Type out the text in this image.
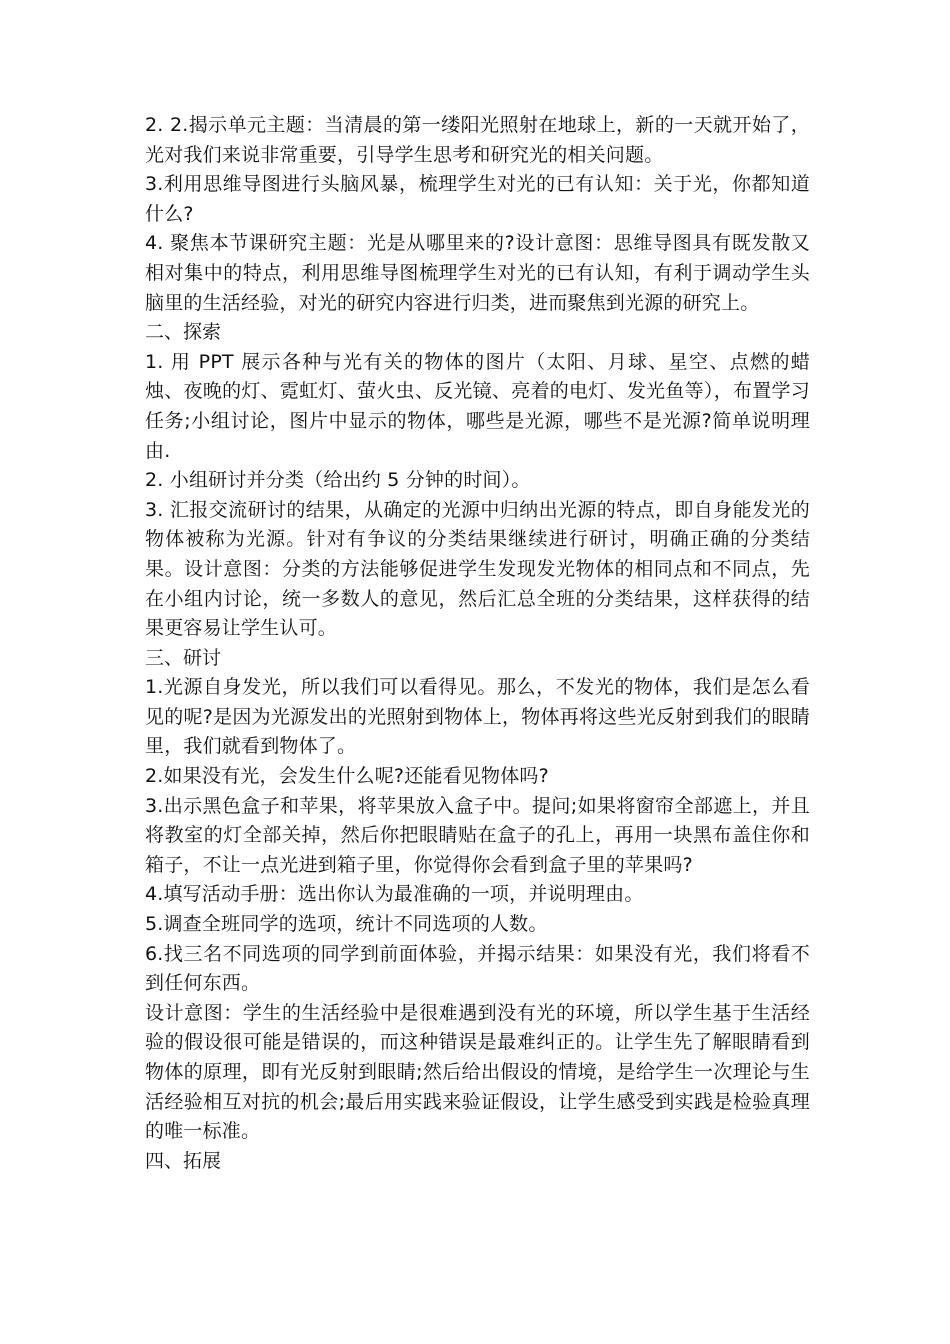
2. 2.揭示单元主题：当清晨的第一缕阳光照射在地球上，新的一天就开始了，光对我们来说非常重要，引导学生思考和研究光的相关问题。

3.利用思维导图进行头脑风暴，梳理学生对光的已有认知：关于光，你都知道什么?

4. 聚焦本节课研究主题：光是从哪里来的?设计意图：思维导图具有既发散又相对集中的特点，利用思维导图梳理学生对光的已有认知，有利于调动学生头脑里的生活经验，对光的研究内容进行归类，进而聚焦到光源的研究上。

二、探索

1. 用 PPT 展示各种与光有关的物体的图片（太阳、月球、星空、点燃的蜡烛、夜晚的灯、霓虹灯、萤火虫、反光镜、亮着的电灯、发光鱼等），布置学习任务;小组讨论，图片中显示的物体，哪些是光源，哪些不是光源?简单说明理由.

2. 小组研讨并分类（给出约 5 分钟的时间）。

3. 汇报交流研讨的结果，从确定的光源中归纳出光源的特点，即自身能发光的物体被称为光源。针对有争议的分类结果继续进行研讨，明确正确的分类结果。设计意图：分类的方法能够促进学生发现发光物体的相同点和不同点，先在小组内讨论，统一多数人的意见，然后汇总全班的分类结果，这样获得的结果更容易让学生认可。

三、研讨

1.光源自身发光，所以我们可以看得见。那么，不发光的物体，我们是怎么看见的呢?是因为光源发出的光照射到物体上，物体再将这些光反射到我们的眼睛里，我们就看到物体了。

2.如果没有光，会发生什么呢?还能看见物体吗?

3.出示黑色盒子和苹果，将苹果放入盒子中。提问;如果将窗帘全部遮上，并且将教室的灯全部关掉，然后你把眼睛贴在盒子的孔上，再用一块黑布盖住你和箱子，不让一点光进到箱子里，你觉得你会看到盒子里的苹果吗?

4.填写活动手册：选出你认为最准确的一项，并说明理由。

5.调查全班同学的选项，统计不同选项的人数。

6.找三名不同选项的同学到前面体验，并揭示结果：如果没有光，我们将看不到任何东西。

设计意图：学生的生活经验中是很难遇到没有光的环境，所以学生基于生活经验的假设很可能是错误的，而这种错误是最难纠正的。让学生先了解眼睛看到物体的原理，即有光反射到眼睛;然后给出假设的情境，是给学生一次理论与生活经验相互对抗的机会;最后用实践来验证假设，让学生感受到实践是检验真理的唯一标准。

四、拓展
